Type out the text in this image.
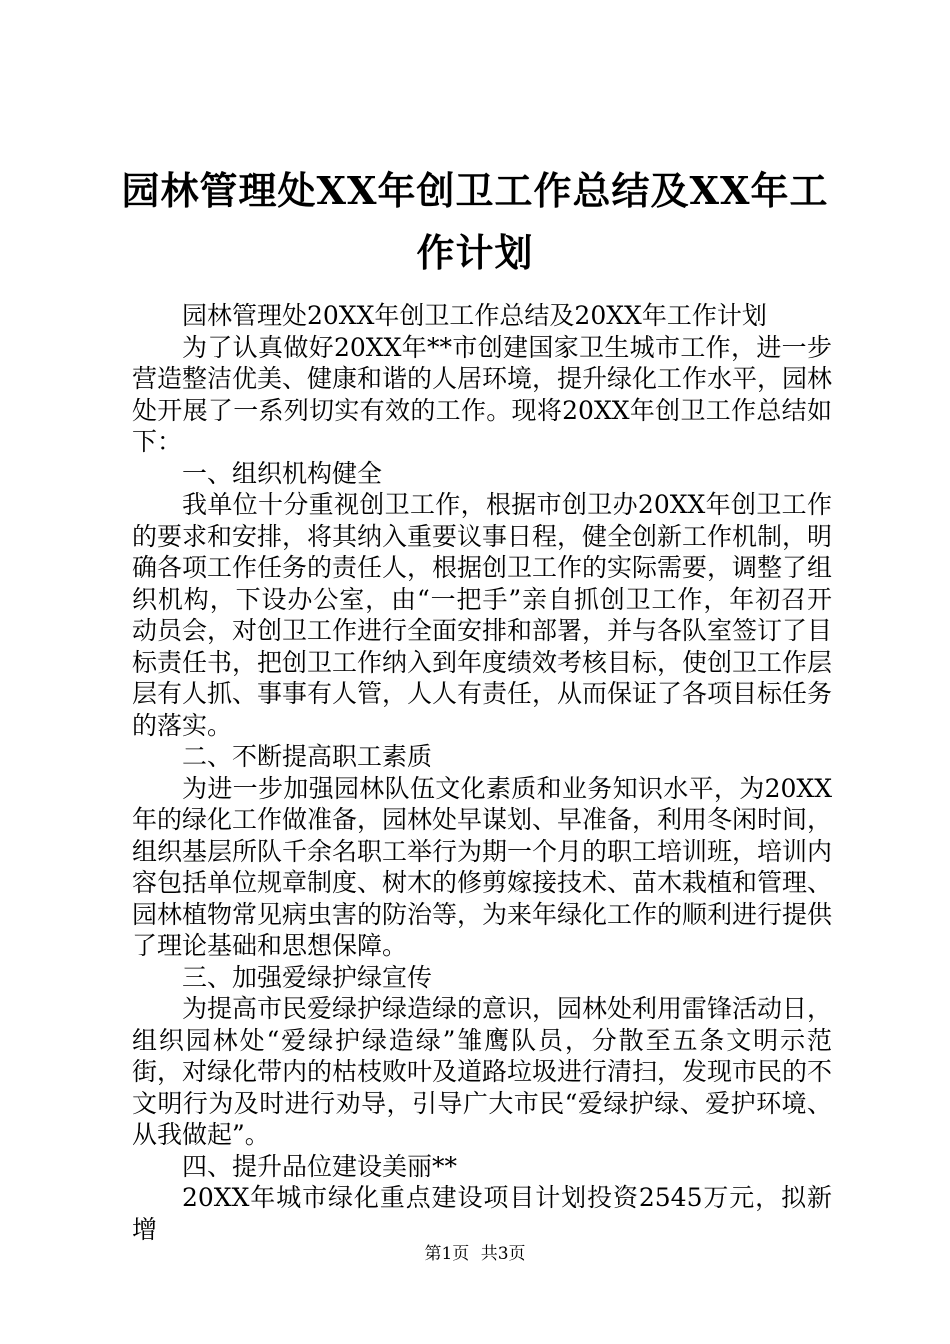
园林管理处XX年创卫工作总结及XX年工作计划

园林管理处20XX年创卫工作总结及20XX年工作计划

为了认真做好20XX年**市创建国家卫生城市工作，进一步营造整洁优美、健康和谐的人居环境，提升绿化工作水平，园林处开展了一系列切实有效的工作。现将20XX年创卫工作总结如下：

一、组织机构健全

我单位十分重视创卫工作，根据市创卫办20XX年创卫工作的要求和安排，将其纳入重要议事日程，健全创新工作机制，明确各项工作任务的责任人，根据创卫工作的实际需要，调整了组织机构，下设办公室，由“一把手”亲自抓创卫工作，年初召开动员会，对创卫工作进行全面安排和部署，并与各队室签订了目标责任书，把创卫工作纳入到年度绩效考核目标，使创卫工作层层有人抓、事事有人管，人人有责任，从而保证了各项目标任务的落实。

二、不断提高职工素质

为进一步加强园林队伍文化素质和业务知识水平，为20XX年的绿化工作做准备，园林处早谋划、早准备，利用冬闲时间，组织基层所队千余名职工举行为期一个月的职工培训班，培训内容包括单位规章制度、树木的修剪嫁接技术、苗木栽植和管理、园林植物常见病虫害的防治等，为来年绿化工作的顺利进行提供了理论基础和思想保障。

三、加强爱绿护绿宣传

为提高市民爱绿护绿造绿的意识，园林处利用雷锋活动日，组织园林处“爱绿护绿造绿”雏鹰队员，分散至五条文明示范街，对绿化带内的枯枝败叶及道路垃圾进行清扫，发现市民的不文明行为及时进行劝导，引导广大市民“爱绿护绿、爱护环境、从我做起”。

四、提升品位建设美丽**

20XX年城市绿化重点建设项目计划投资2545万元，拟新增

第1页 共3页
